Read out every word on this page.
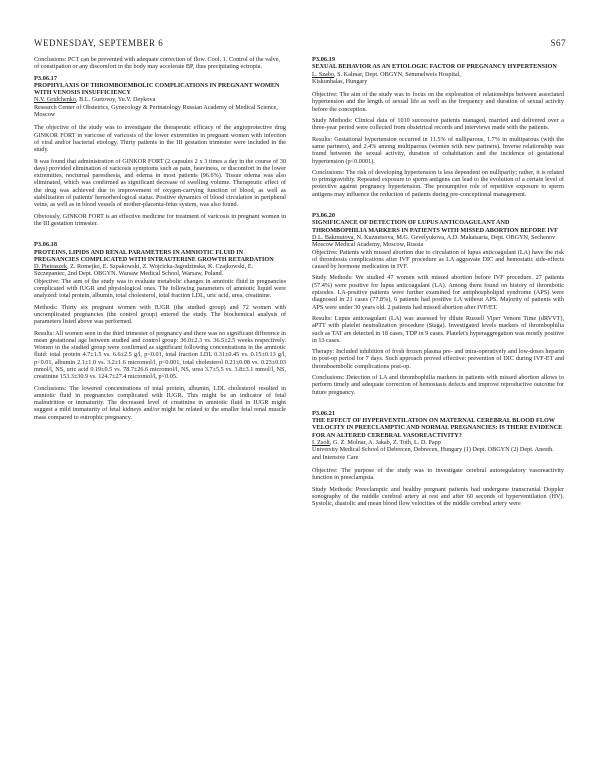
WEDNESDAY, SEPTEMBER 6	S67

Conclusions: PCT can be prevented with adequate correction of flow. Cool. 1. Control of the valve, of constipation or any discomfort in the body may accelerate BP, thus precipitating ectropia.

P3.06.17

PROPHYLAXIS OF THROMBOEMBOLIC COMPLICATIONS IN PREGNANT WOMEN WITH VENOSIS INSUFFICIENCY

N.V. Gridchenko, B.L. Gurtovoy, Yu.V. Deykova

Research Center of Obstetrics, Gynecology & Perinatology Russian Academy of Medical Science, Moscow

The objective of the study was to investigate the therapeutic efficacy of the angioprotective drug GINKOR FORT in varicose of varicosis of the lower extremities in pregnant women with infection of viral and/or bacterial etiology. Thirty patients in the III gestation trimester were included in the study.

It was found that administration of GINKOR FORT (2 capsules 2 x 3 times a day in the course of 30 days) provided elimination of varicosis symptoms such as pain, heaviness, or discomfort in the lower extremities, nocturnal paresthesia, and edema in most patients (96.6%). Tissue edema was also eliminated, which was confirmed as significant decrease of swelling volume. Therapeutic effect of the drug was achieved due to improvement of oxygen-carrying function of blood, as well as stabilization of patients' hemorheological status. Positive dynamics of blood circulation in peripheral veins, as well as in blood vessels of mother-placenta-fetus system, was also found.

Obviously, GINKOR FORT is an effective medicine for treatment of varicosis in pregnant women in the III gestation trimester.

P3.06.18

PROTEINS, LIPIDS AND RENAL PARAMETERS IN AMNIOTIC FLUID IN PREGNANCIES COMPLICATED WITH INTRAUTERINE GROWTH RETARDATION

D. Pietraszek, Z. Romejko, E. Szpakowski, Z. Wojcicka-Jagodzinska, K. Czajkowski, E. Szczepaniec, 2nd Dept. OBGYN. Warsaw Medical School, Warsaw, Poland.

Objective: The aim of the study was to evaluate metabolic changes in amniotic fluid in pregnancies complicated with IUGR and physiological ones. The following parameters of amniotic liquid were analyzed: total protein, albumin, total cholesterol, total fraction LDL, uric acid, urea, creatinine.

Methods: Thirty six pregnant women with IUGR (the studied group) and 72 women with uncomplicated pregnancies (the control group) entered the study. The biochemical analysis of parameters listed above was performed.

Results: All women seen in the third trimester of pregnancy and there was no significant difference in mean gestational age between studied and control group: 36.0±2.3 vs. 36.5±2.5 weeks respectively. Women in the studied group were confirmed as significant following concentrations in the amniotic fluid: total protein 4.7±1.5 vs. 6.6±2.5 g/l, p<0.01, total fraction LDL 0.31±0.45 vs. 0.15±0.13 g/l, p<0.01, albumin 2.1±1.0 vs. 3.2±1.6 micromol/l, p<0.001, total cholesterol 0.21±0.08 vs. 0.23±0.03 mmol/l, NS, uric acid 0.19±0.5 vs. 78.7±26.6 micromol/l, NS, urea 3.7±5.5 vs. 3.8±3.1 mmol/l, NS, creatinine 153.3±30.9 vs. 124.7±27.4 micromol/l, p<0.05.

Conclusions: The lowered concentrations of total protein, albumin, LDL cholesterol resulted in amniotic fluid in pregnancies complicated with IUGR. This might be an indicator of fetal malnutrition or immaturity. The decreased level of creatinine in amniotic fluid in IUGR might suggest a mild immaturity of fetal kidneys and/or might be related to the smaller fetal renal muscle mass compared to eutrophic pregnancy.

P3.06.19

SEXUAL BEHAVIOR AS AN ETIOLOGIC FACTOR OF PREGNANCY HYPERTENSION

L. Szabo, S. Kalmar, Dept. OBGYN, Semmelweis Hospital,

Kiskunhalas, Hungary

Objective: The aim of the study was to focus on the exploration of relationships between associated hypertension and the length of sexual life as well as the frequency and duration of sexual activity before the conception.

Study Methods: Clinical data of 1010 successive patients managed, married and delivered over a three-year period were collected from obstetrical records and interviews made with the patients.

Results: Gestational hypertension occurred in 11.5% of nulliparous, 1.7% in multiparous (with the same partners), and 2.4% among multiparous (women with new partners). Inverse relationship was found between the sexual activity, duration of cohabitation and the incidence of gestational hypertension (p<0.0001).

Conclusions: The risk of developing hypertension is less dependent on nulliparity; rather, it is related to primigravidity. Repeated exposure to sperm antigens can lead to the evolution of a certain level of protective against pregnancy hypertension. The presumptive role of repetitive exposure to sperm antigens may influence the reduction of patients during pre-conceptional management.

P3.06.20

SIGNIFICANCE OF DETECTION OF LUPUS ANTICOAGULANT AND THROMBOPHILIA MARKERS IN PATIENTS WITH MISSED ABORTION BEFORE IVF

D.L. Bakmutova, N. Kuznetsova, M.G. Gevelyukova, A.D. Makatsaria, Dept. OBGYN, Sechenov Moscow Medical Academy, Moscow, Russia

Objective: Patients with missed abortion due to circulation of lupus anticoagulant (LA) have the risk of thrombosis complications after IVF procedure as LA aggravate DIC and hemostatic side-effects caused by hormone medication in IVF.

Study Methods: We studied 47 women with missed abortion before IVF procedure. 27 patients (57.4%) were positive for lupus anticoagulant (LA). Among them found on history of thrombotic episodes. LA-positive patients were further examined for antiphospholipid syndrome (APS) were diagnosed in 21 cases (77.8%), 6 patients had positive LA without APS. Majority of patients with APS were under 30 years old. 2 patients had missed abortion after IVF/ET.

Results: Lupus anticoagulant (LA) was assessed by dilute Russell Viper Venom Time (dRVVT), aPTT with platelet neutralization procedure (Staga). Investigated levels markers of thrombophilia such as TAT are detected in 18 cases, TDP in 9 cases. Platelet's hyperaggregation was mostly positive in 13 cases.

Therapy: Included inhibition of fresh frozen plasma pre- and intra-operatively and low-doses heparin in post-op period for 7 days. Such approach proved effective: prevention of DIC during IVF-ET and thromboembolic complications post-op.

Conclusions: Detection of LA and thrombophilia markers in patients with missed abortion allows to perform timely and adequate correction of hemostasis defects and improve reproductive outcome for future pregnancy.

P3.06.21

THE EFFECT OF HYPERVENTILATION ON MATERNAL CEREBRAL BLOOD FLOW VELOCITY IN PREECLAMPTIC AND NORMAL PREGNANCIES: IS THERE EVIDENCE FOR AN ALTERED CEREBRAL VASOREACTIVITY?

I. Zsolt, G. Z. Molnar, A. Jakab, Z. Toth, L. D. Papp

University Medical School of Debrecen, Debrecen, Hungary (1) Dept. OBGYN (2) Dept. Anesth. and Intensive Care

Objective: The purpose of the study was to investigate cerebral autoregulatory vasoreactivity function in preeclampsia.

Study Methods: Preeclamptic and healthy pregnant patients had undergone transcranial Doppler sonography of the middle cerebral artery at rest and after 60 seconds of hyperventilation (HV). Systolic, diastolic and mean blood flow velocities of the middle cerebral artery were
